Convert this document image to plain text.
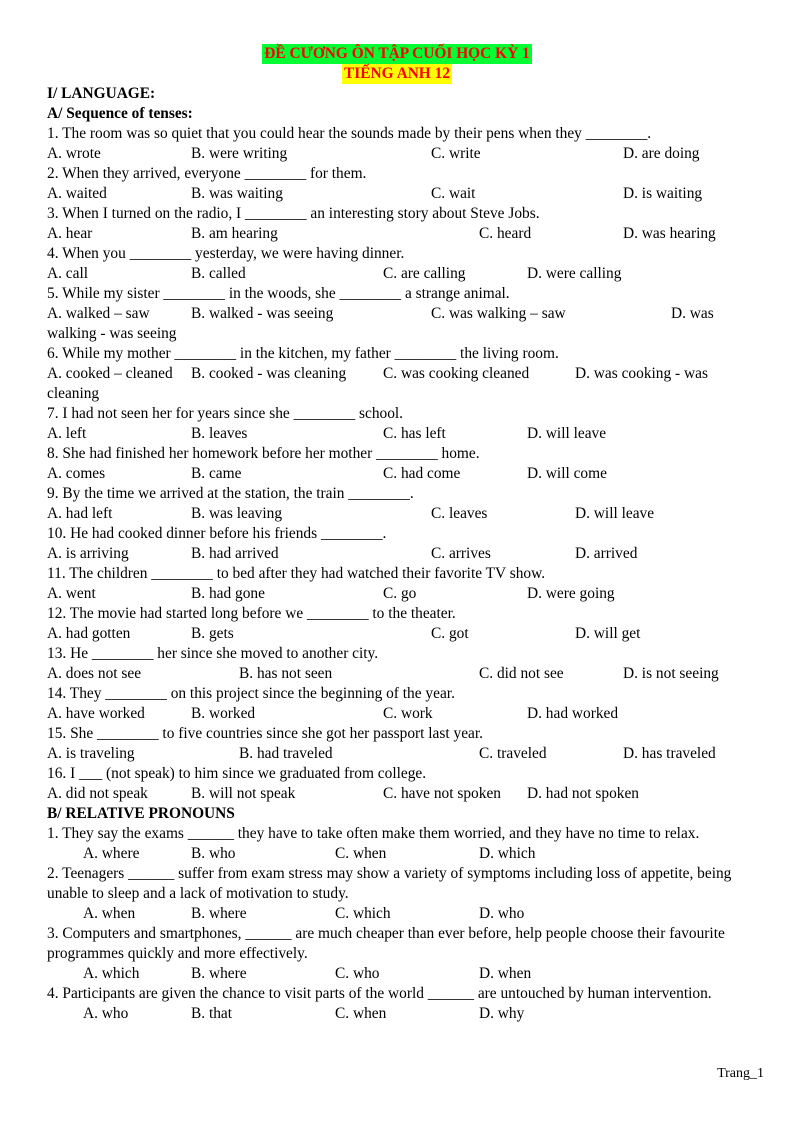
ĐỀ CƯƠNG ÔN TẬP CUỐI HỌC KỲ 1
TIẾNG ANH 12
I/ LANGUAGE:
A/ Sequence of tenses:
1. The room was so quiet that you could hear the sounds made by their pens when they ________.
A. wrote	B. were writing	C. write	D. are doing
2. When they arrived, everyone ________ for them.
A. waited	B. was waiting	C. wait	D. is waiting
3. When I turned on the radio, I ________ an interesting story about Steve Jobs.
A. hear	B. am hearing	C. heard	D. was hearing
4. When you ________ yesterday, we were having dinner.
A. call	B. called	C. are calling	D. were calling
5. While my sister ________ in the woods, she ________ a strange animal.
A. walked – saw	B. walked - was seeing	C. was walking – saw	D. was
walking - was seeing
6. While my mother ________ in the kitchen, my father ________ the living room.
A. cooked – cleaned B. cooked - was cleaning C. was cooking cleaned	D. was cooking - was
cleaning
7. I had not seen her for years since she ________ school.
A. left	B. leaves	C. has left	D. will leave
8. She had finished her homework before her mother ________ home.
A. comes	B. came	C. had come	D. will come
9. By the time we arrived at the station, the train ________.
A. had left	B. was leaving	C. leaves	D. will leave
10. He had cooked dinner before his friends ________.
A. is arriving	B. had arrived	C. arrives	D. arrived
11. The children ________ to bed after they had watched their favorite TV show.
A. went	B. had gone	C. go	D. were going
12. The movie had started long before we ________ to the theater.
A. had gotten	B. gets	C. got	D. will get
13. He ________ her since she moved to another city.
A. does not see	B. has not seen	C. did not see	D. is not seeing
14. They ________ on this project since the beginning of the year.
A. have worked	B. worked	C. work	D. had worked
15. She ________ to five countries since she got her passport last year.
A. is traveling	B. had traveled	C. traveled	D. has traveled
16. I ___ (not speak) to him since we graduated from college.
A. did not speak	B. will not speak	C. have not spoken D. had not spoken
B/ RELATIVE PRONOUNS
1. They say the exams ______ they have to take often make them worried, and they have no time to relax.
A. where	B. who	C. when	D. which
2. Teenagers ______ suffer from exam stress may show a variety of symptoms including loss of appetite, being unable to sleep and a lack of motivation to study.
A. when	B. where	C. which	D. who
3. Computers and smartphones, ______ are much cheaper than ever before, help people choose their favourite programmes quickly and more effectively.
A. which	B. where	C. who	D. when
4. Participants are given the chance to visit parts of the world ______ are untouched by human intervention.
A. who	B. that	C. when	D. why
Trang_1
